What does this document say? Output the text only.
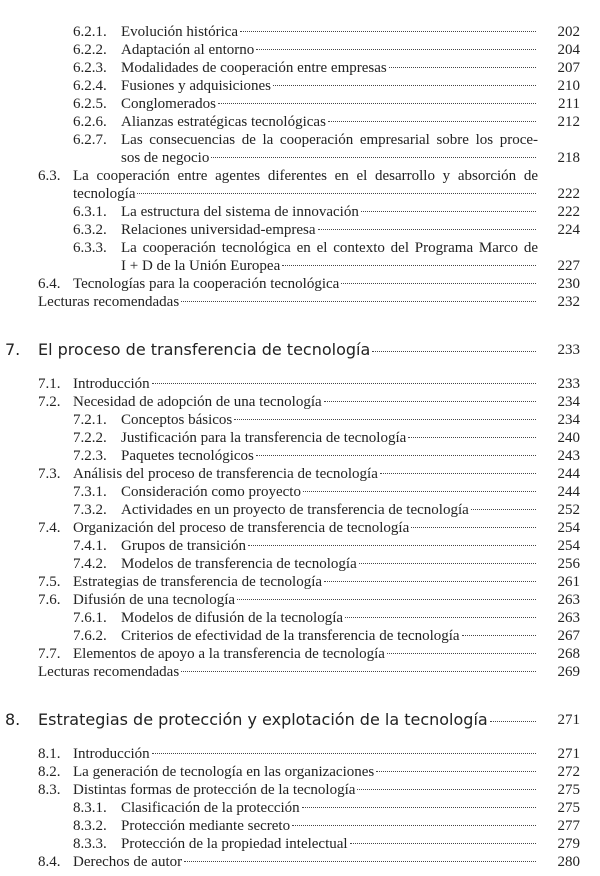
6.2.1. Evolución histórica	202
6.2.2. Adaptación al entorno	204
6.2.3. Modalidades de cooperación entre empresas	207
6.2.4. Fusiones y adquisiciones	210
6.2.5. Conglomerados	211
6.2.6. Alianzas estratégicas tecnológicas	212
6.2.7. Las consecuencias de la cooperación empresarial sobre los proce-
sos de negocio	218
6.3. La cooperación entre agentes diferentes en el desarrollo y absorción de
tecnología	222
6.3.1. La estructura del sistema de innovación	222
6.3.2. Relaciones universidad-empresa	224
6.3.3. La cooperación tecnológica en el contexto del Programa Marco de
I + D de la Unión Europea	227
6.4. Tecnologías para la cooperación tecnológica	230
Lecturas recomendadas	232
7. El proceso de transferencia de tecnología	233
7.1. Introducción	233
7.2. Necesidad de adopción de una tecnología	234
7.2.1. Conceptos básicos	234
7.2.2. Justificación para la transferencia de tecnología	240
7.2.3. Paquetes tecnológicos	243
7.3. Análisis del proceso de transferencia de tecnología	244
7.3.1. Consideración como proyecto	244
7.3.2. Actividades en un proyecto de transferencia de tecnología	252
7.4. Organización del proceso de transferencia de tecnología	254
7.4.1. Grupos de transición	254
7.4.2. Modelos de transferencia de tecnología	256
7.5. Estrategias de transferencia de tecnología	261
7.6. Difusión de una tecnología	263
7.6.1. Modelos de difusión de la tecnología	263
7.6.2. Criterios de efectividad de la transferencia de tecnología	267
7.7. Elementos de apoyo a la transferencia de tecnología	268
Lecturas recomendadas	269
8. Estrategias de protección y explotación de la tecnología	271
8.1. Introducción	271
8.2. La generación de tecnología en las organizaciones	272
8.3. Distintas formas de protección de la tecnología	275
8.3.1. Clasificación de la protección	275
8.3.2. Protección mediante secreto	277
8.3.3. Protección de la propiedad intelectual	279
8.4. Derechos de autor	280
